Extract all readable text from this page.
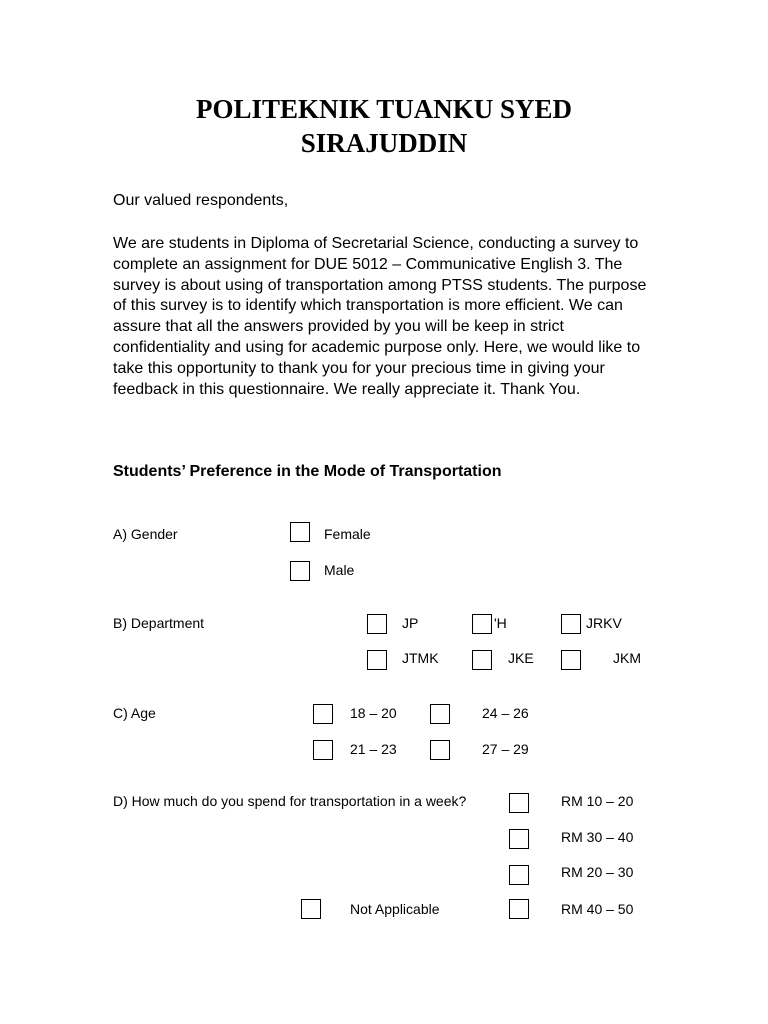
POLITEKNIK TUANKU SYED
SIRAJUDDIN

Our valued respondents,

We are students in Diploma of Secretarial Science, conducting a survey to complete an assignment for DUE 5012 – Communicative English 3. The survey is about using of transportation among PTSS students. The purpose of this survey is to identify which transportation is more efficient. We can assure that all the answers provided by you will be keep in strict confidentiality and using for academic purpose only. Here, we would like to take this opportunity to thank you for your precious time in giving your feedback in this questionnaire. We really appreciate it. Thank You.

Students’ Preference in the Mode of Transportation

A) Gender	Female
Male
B) Department	JP	'H	JRKV
JTMK	JKE	JKM
C) Age	18 – 20	24 – 26
21 – 23	27 – 29
D) How much do you spend for transportation in a week?	RM 10 – 20
RM 30 – 40
RM 20 – 30
Not Applicable	RM 40 – 50
